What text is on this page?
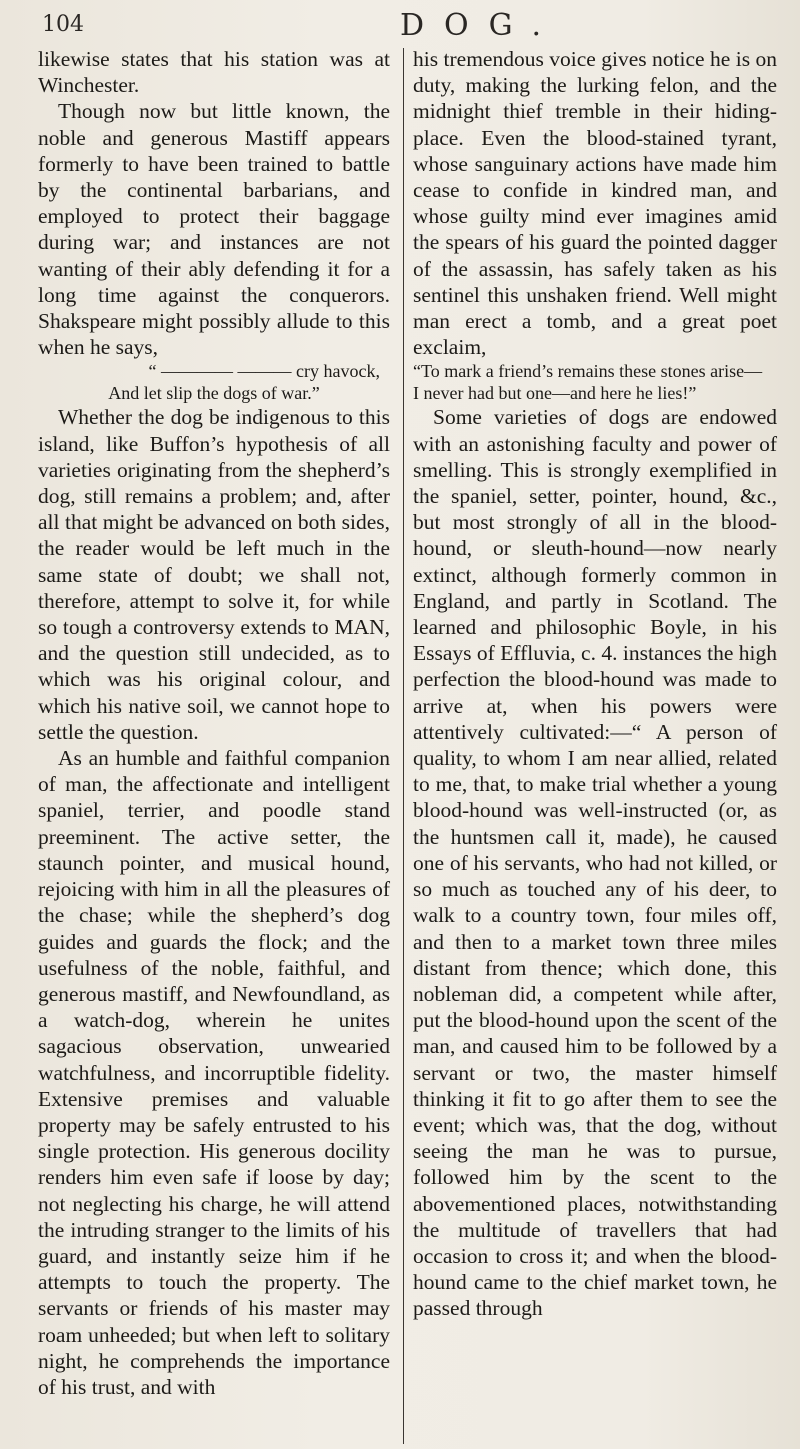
104	DOG.

likewise states that his station was at Winchester.

Though now but little known, the noble and generous Mastiff appears formerly to have been trained to battle by the continental barbarians, and employed to protect their baggage during war; and instances are not wanting of their ably defending it for a long time against the conquerors. Shakspeare might possibly allude to this when he says,

“ ———— ——— cry havock,

And let slip the dogs of war.”

Whether the dog be indigenous to this island, like Buffon’s hypothesis of all varieties originating from the shepherd’s dog, still remains a problem; and, after all that might be advanced on both sides, the reader would be left much in the same state of doubt; we shall not, therefore, attempt to solve it, for while so tough a controversy extends to MAN, and the question still undecided, as to which was his original colour, and which his native soil, we cannot hope to settle the question.

As an humble and faithful companion of man, the affectionate and intelligent spaniel, terrier, and poodle stand preeminent. The active setter, the staunch pointer, and musical hound, rejoicing with him in all the pleasures of the chase; while the shepherd’s dog guides and guards the flock; and the usefulness of the noble, faithful, and generous mastiff, and Newfoundland, as a watch-dog, wherein he unites sagacious observation, unwearied watchfulness, and incorruptible fidelity. Extensive premises and valuable property may be safely entrusted to his single protection. His generous docility renders him even safe if loose by day; not neglecting his charge, he will attend the intruding stranger to the limits of his guard, and instantly seize him if he attempts to touch the property. The servants or friends of his master may roam unheeded; but when left to solitary night, he comprehends the importance of his trust, and with

his tremendous voice gives notice he is on duty, making the lurking felon, and the midnight thief tremble in their hiding-place. Even the blood-stained tyrant, whose sanguinary actions have made him cease to confide in kindred man, and whose guilty mind ever imagines amid the spears of his guard the pointed dagger of the assassin, has safely taken as his sentinel this unshaken friend. Well might man erect a tomb, and a great poet exclaim,

“To mark a friend’s remains these stones arise—

I never had but one—and here he lies!”

Some varieties of dogs are endowed with an astonishing faculty and power of smelling. This is strongly exemplified in the spaniel, setter, pointer, hound, &c., but most strongly of all in the blood-hound, or sleuth-hound—now nearly extinct, although formerly common in England, and partly in Scotland. The learned and philosophic Boyle, in his Essays of Effluvia, c. 4. instances the high perfection the blood-hound was made to arrive at, when his powers were attentively cultivated:—“ A person of quality, to whom I am near allied, related to me, that, to make trial whether a young blood-hound was well-instructed (or, as the huntsmen call it, made), he caused one of his servants, who had not killed, or so much as touched any of his deer, to walk to a country town, four miles off, and then to a market town three miles distant from thence; which done, this nobleman did, a competent while after, put the blood-hound upon the scent of the man, and caused him to be followed by a servant or two, the master himself thinking it fit to go after them to see the event; which was, that the dog, without seeing the man he was to pursue, followed him by the scent to the abovementioned places, notwithstanding the multitude of travellers that had occasion to cross it; and when the blood-hound came to the chief market town, he passed through
